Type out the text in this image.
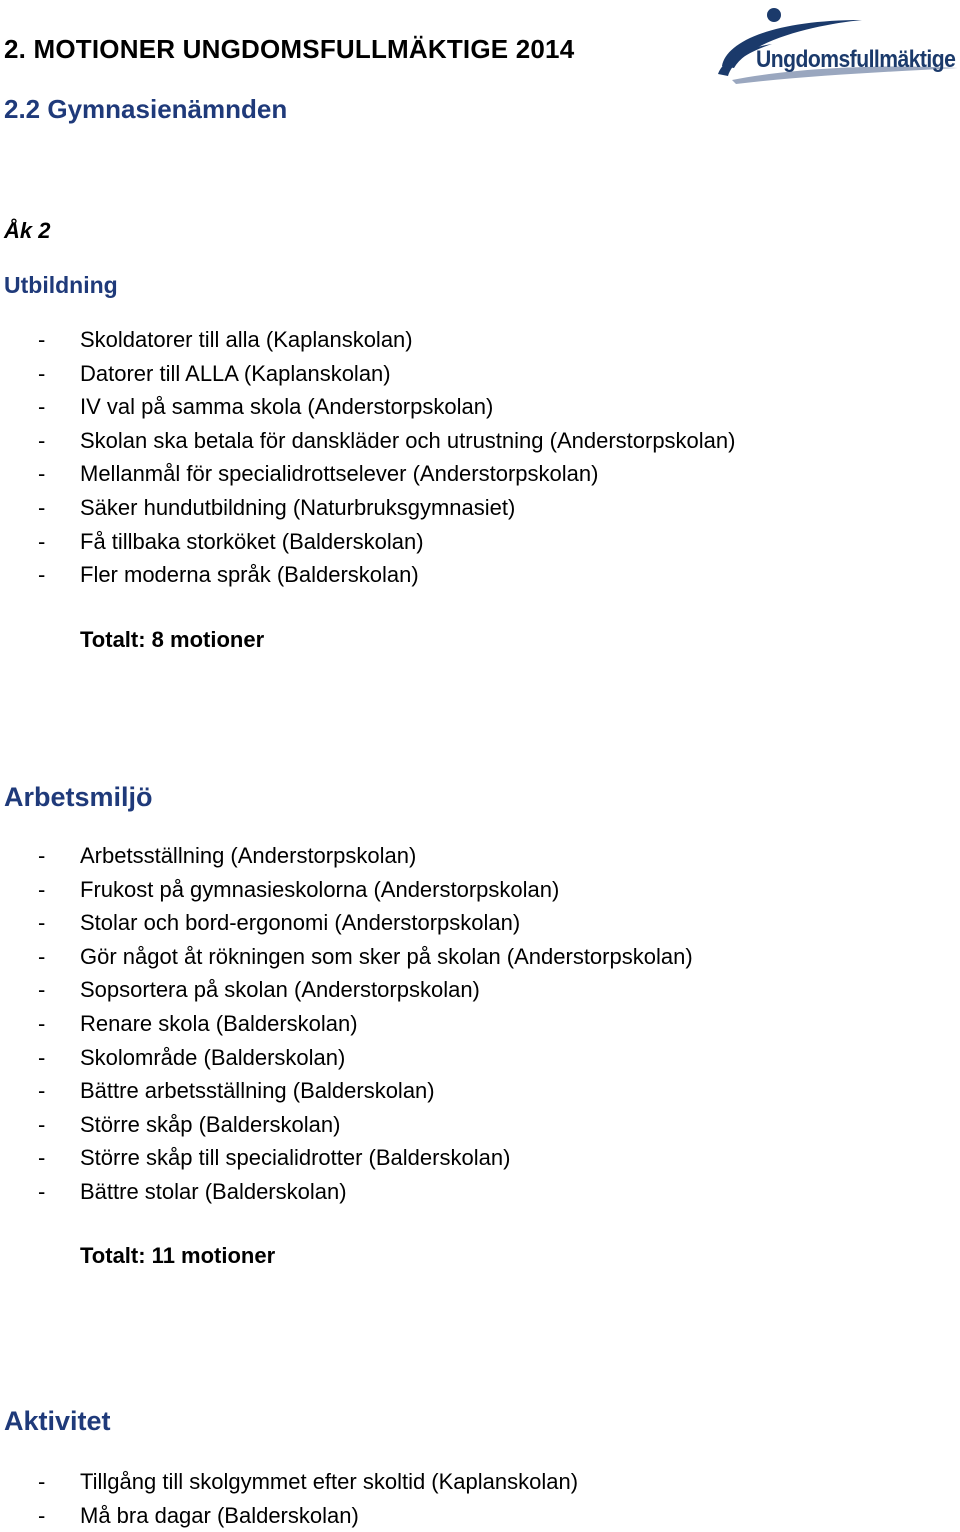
2. MOTIONER UNGDOMSFULLMÄKTIGE 2014	Ungdomsfullmäktige
2.2 Gymnasienämnden
Åk 2
Utbildning
- Skoldatorer till alla (Kaplanskolan)
- Datorer till ALLA (Kaplanskolan)
- IV val på samma skola (Anderstorpskolan)
- Skolan ska betala för danskläder och utrustning (Anderstorpskolan)
- Mellanmål för specialidrottselever (Anderstorpskolan)
- Säker hundutbildning (Naturbruksgymnasiet)
- Få tillbaka storköket (Balderskolan)
- Fler moderna språk (Balderskolan)
Totalt: 8 motioner
Arbetsmiljö
- Arbetsställning (Anderstorpskolan)
- Frukost på gymnasieskolorna (Anderstorpskolan)
- Stolar och bord-ergonomi (Anderstorpskolan)
- Gör något åt rökningen som sker på skolan (Anderstorpskolan)
- Sopsortera på skolan (Anderstorpskolan)
- Renare skola (Balderskolan)
- Skolområde (Balderskolan)
- Bättre arbetsställning (Balderskolan)
- Större skåp (Balderskolan)
- Större skåp till specialidrotter (Balderskolan)
- Bättre stolar (Balderskolan)
Totalt: 11 motioner
Aktivitet
- Tillgång till skolgymmet efter skoltid (Kaplanskolan)
- Må bra dagar (Balderskolan)
